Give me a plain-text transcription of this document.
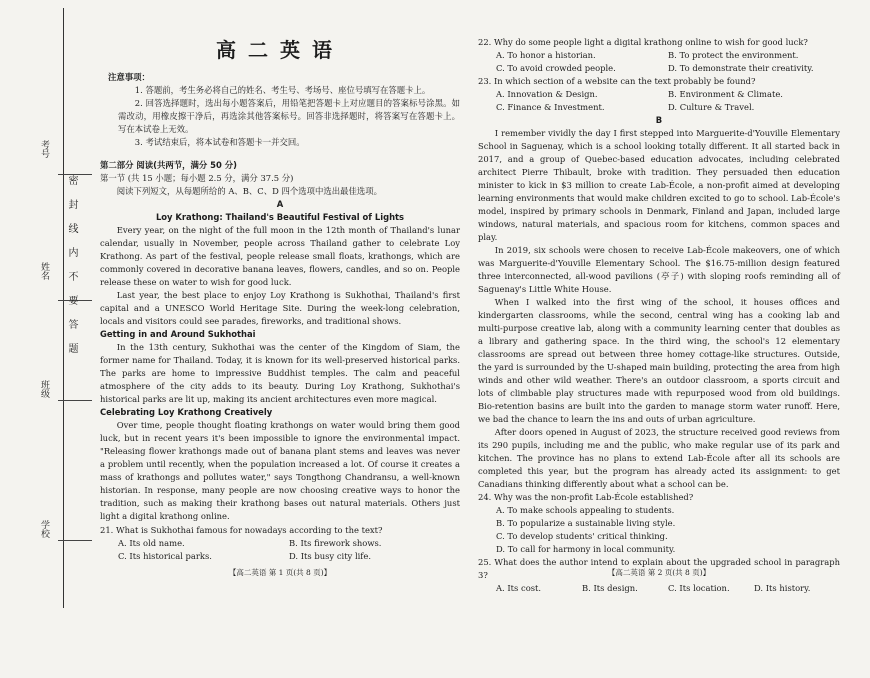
考号
姓名
班级
学校
密封线内不要答题
高二英语
注意事项：

1. 答题前，考生务必将自己的姓名、考生号、考场号、座位号填写在答题卡上。

2. 回答选择题时，选出每小题答案后，用铅笔把答题卡上对应题目的答案标号涂黑。如需改动，用橡皮擦干净后，再选涂其他答案标号。回答非选择题时，将答案写在答题卡上。写在本试卷上无效。

3. 考试结束后，将本试卷和答题卡一并交回。

第二部分 阅读(共两节，满分 50 分)

第一节 (共 15 小题；每小题 2.5 分，满分 37.5 分)

阅读下列短文，从每题所给的 A、B、C、D 四个选项中选出最佳选项。

A

Loy Krathong: Thailand's Beautiful Festival of Lights

Every year, on the night of the full moon in the 12th month of Thailand's lunar calendar, usually in November, people across Thailand gather to celebrate Loy Krathong. As part of the festival, people release small floats, krathongs, which are commonly covered in decorative banana leaves, flowers, candles, and so on. People release these on water to wish for good luck.

Last year, the best place to enjoy Loy Krathong is Sukhothai, Thailand's first capital and a UNESCO World Heritage Site. During the week-long celebration, locals and visitors could see parades, fireworks, and traditional shows.

Getting in and Around Sukhothai

In the 13th century, Sukhothai was the center of the Kingdom of Siam, the former name for Thailand. Today, it is known for its well-preserved historical parks. The parks are home to impressive Buddhist temples. The calm and peaceful atmosphere of the city adds to its beauty. During Loy Krathong, Sukhothai's historical parks are lit up, making its ancient architectures even more magical.

Celebrating Loy Krathong Creatively

Over time, people thought floating krathongs on water would bring them good luck, but in recent years it's been impossible to ignore the environmental impact. "Releasing flower krathongs made out of banana plant stems and leaves was never a problem until recently, when the population increased a lot. Of course it creates a mass of krathongs and pollutes water," says Tongthong Chandransu, a well-known historian. In response, many people are now choosing creative ways to honor the tradition, such as making their krathong bases out natural materials. Others just light a digital krathong online.

21. What is Sukhothai famous for nowadays according to the text?

A. Its old name.	B. Its firework shows.
C. Its historical parks.	D. Its busy city life.
【高二英语 第 1 页(共 8 页)】

22. Why do some people light a digital krathong online to wish for good luck?

A. To honor a historian.	B. To protect the environment.
C. To avoid crowded people.	D. To demonstrate their creativity.

23. In which section of a website can the text probably be found?

A. Innovation & Design.	B. Environment & Climate.
C. Finance & Investment.	D. Culture & Travel.

B

I remember vividly the day I first stepped into Marguerite-d'Youville Elementary School in Saguenay, which is a school looking totally different. It all started back in 2017, and a group of Quebec-based education advocates, including celebrated architect Pierre Thibault, broke with tradition. They persuaded then education minister to kick in $3 million to create Lab-École, a non-profit aimed at developing learning environments that would make children excited to go to school. Lab-École's model, inspired by primary schools in Denmark, Finland and Japan, included large windows, natural materials, and spacious room for kitchens, common spaces and play.

In 2019, six schools were chosen to receive Lab-École makeovers, one of which was Marguerite-d'Youville Elementary School. The $16.75-million design featured three interconnected, all-wood pavilions (亭子) with sloping roofs reminding all of Saguenay's Little White House.

When I walked into the first wing of the school, it houses offices and kindergarten classrooms, while the second, central wing has a cooking lab and multi-purpose creative lab, along with a community learning center that doubles as a library and gathering space. In the third wing, the school's 12 elementary classrooms are spread out between three homey cottage-like structures. Outside, the yard is surrounded by the U-shaped main building, protecting the area from high winds and other wild weather. There's an outdoor classroom, a sports circuit and lots of climbable play structures made with repurposed wood from old buildings. Bio-retention basins are built into the garden to manage storm water runoff. Here, we bad the chance to learn the ins and outs of urban agriculture.

After doors opened in August of 2023, the structure received good reviews from its 290 pupils, including me and the public, who make regular use of its park and kitchen. The province has no plans to extend Lab-École after all its schools are completed this year, but the program has already acted its assignment: to get Canadians thinking differently about what a school can be.

24. Why was the non-profit Lab-École established?

A. To make schools appealing to students.
B. To popularize a sustainable living style.
C. To develop students' critical thinking.
D. To call for harmony in local community.

25. What does the author intend to explain about the upgraded school in paragraph 3?

A. Its cost.	B. Its design.	C. Its location.	D. Its history.
【高二英语 第 2 页(共 8 页)】
